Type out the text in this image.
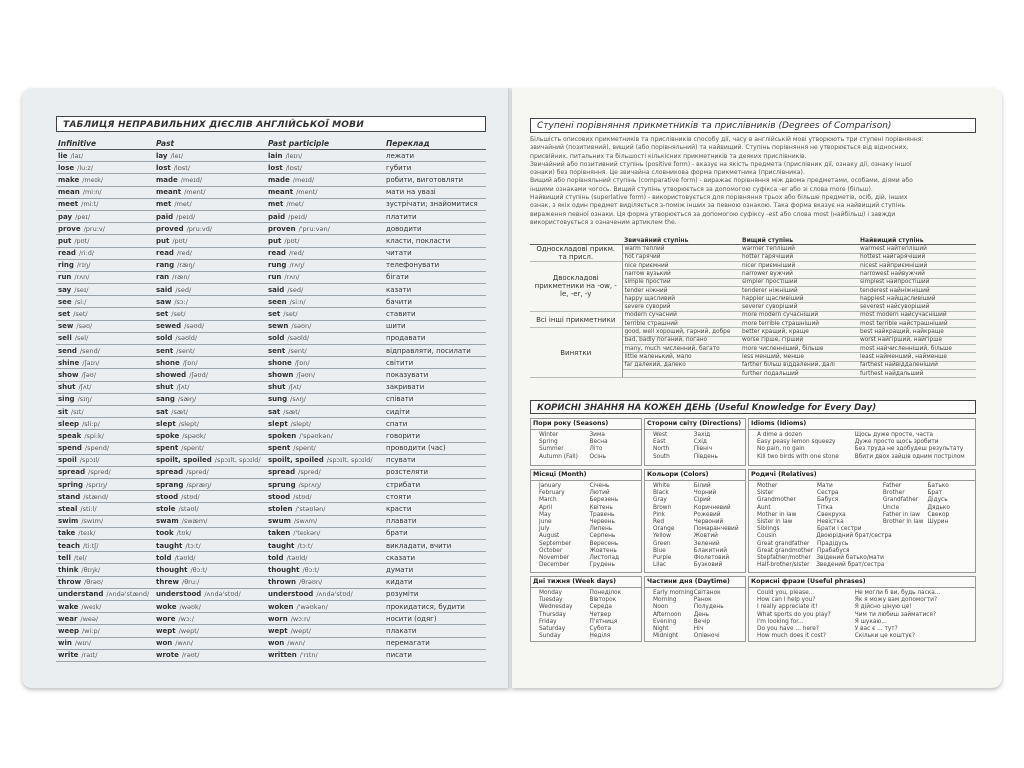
ТАБЛИЦЯ НЕПРАВИЛЬНИХ ДІЄСЛІВ АНГЛІЙСЬКОЇ МОВИ
Infinitive	Past	Past participle	Переклад
lie /laɪ/	lay /leɪ/	lain /leɪn/	лежати
lose /lu:z/	lost /lɒst/	lost /lɒst/	губити
make /meɪk/	made /meɪd/	made /meɪd/	робити, виготовляти
mean /mi:n/	meant /ment/	meant /ment/	мати на увазі
meet /mi:t/	met /met/	met /met/	зустрічати; знайомитися
pay /peɪ/	paid /peɪd/	paid /peɪd/	платити
prove /pru:v/	proved /pru:vd/	proven /'pru:vən/	доводити
put /pʊt/	put /pʊt/	put /pʊt/	класти, покласти
read /ri:d/	read /red/	read /red/	читати
ring /rɪŋ/	rang /ræŋ/	rung /rʌŋ/	телефонувати
run /rʌn/	ran /ræn/	run /rʌn/	бігати
say /seɪ/	said /sed/	said /sed/	казати
see /si:/	saw /sɔ:/	seen /si:n/	бачити
set /set/	set /set/	set /set/	ставити
sew /səʊ/	sewed /səʊd/	sewn /səʊn/	шити
sell /sel/	sold /səʊld/	sold /səʊld/	продавати
send /send/	sent /sent/	sent /sent/	відправляти, посилати
shine /ʃaɪn/	shone /ʃɒn/	shone /ʃɒn/	світити
show /ʃəʊ/	showed /ʃəʊd/	shown /ʃəʊn/	показувати
shut /ʃʌt/	shut /ʃʌt/	shut /ʃʌt/	закривати
sing /sɪŋ/	sang /sæŋ/	sung /sʌŋ/	співати
sit /sɪt/	sat /sæt/	sat /sæt/	сидіти
sleep /sli:p/	slept /slept/	slept /slept/	спати
speak /spi:k/	spoke /spəʊk/	spoken /'spəʊkən/	говорити
spend /spend/	spent /spent/	spent /spent/	проводити (час)
spoil /spɔɪl/	spoilt, spoiled /spɔɪlt, spɔɪld/	spoilt, spoiled /spɔɪlt, spɔɪld/	псувати
spread /spred/	spread /spred/	spread /spred/	розстеляти
spring /sprɪŋ/	sprang /spræŋ/	sprung /sprʌŋ/	стрибати
stand /stænd/	stood /stʊd/	stood /stʊd/	стояти
steal /sti:l/	stole /stəʊl/	stolen /'stəʊlən/	красти
swim /swɪm/	swam /swæm/	swum /swʌm/	плавати
take /teɪk/	took /tʊk/	taken /'teɪkən/	брати
teach /ti:tʃ/	taught /tɔ:t/	taught /tɔ:t/	викладати, вчити
tell /tel/	told /təʊld/	told /təʊld/	сказати
think /θɪŋk/	thought /θɔ:t/	thought /θɔ:t/	думати
throw /θrəʊ/	threw /θru:/	thrown /θrəʊn/	кидати
understand /ʌndə'stænd/	understood /ʌndə'stʊd/	understood /ʌndə'stʊd/	розуміти
wake /weɪk/	woke /wəʊk/	woken /'wəʊkən/	прокидатися, будити
wear /weə/	wore /wɔ:/	worn /wɔ:n/	носити (одяг)
weep /wi:p/	wept /wept/	wept /wept/	плакати
win /wɪn/	won /wʌn/	won /wʌn/	перемагати
write /raɪt/	wrote /rəʊt/	written /'rɪtn/	писати
Ступені порівняння прикметників та прислівників (Degrees of Comparison)
Більшість описових прикметників та прислівників способу дії, часу в англійській мові утворюють три ступені порівняння:
звичайний (позитивний), вищий (або порівняльний) та найвищий. Ступінь порівняння не утворюється від відносних,
присвійних, питальних та більшості кількісних прикметників та деяких прислівників.
Звичайний або позитивний ступінь (positive form) - вказує на якість предмета (прислівник дії, ознаку дії, ознаку іншої
ознаки) без порівняння. Це звичайна словникова форма прикметника (прислівника).
Вищий або порівняльний ступінь (comparative form) - виражає порівняння між двома предметами, особами, діями або
іншими ознаками чогось. Вищий ступінь утворюється за допомогою суфікса -er або зі слова more (більш).
Найвищий ступінь (superlative form) - використовується для порівняння трьох або більше предметів, осіб, дій, інших
ознак, з якіх один предмет виділяється з-поміж інших за певною ознакою. Така форма вказує на найвищий ступінь
вираження певної ознаки. Ця форма утворюється за допомогою суфіксу -est або слова most (найбільш) і завжди
використовується з означеним артиклем the.
	Звичайний ступінь	Вищий ступінь	Найвищий ступінь
Односкладові прикм. та присл.	warm теплий	warmer тепліший	warmest найтепліший
	hot гарячий	hotter гарячіший	hottest найгарячіший
Двоскладові прикметники на -ow, -le, -er, -y	nice приємний	nicer приємніший	nicest найприємніший
	narrow вузький	narrower вужчий	narrowest найвужчий
	simple простий	simpler простіший	simplest найпростіший
	tender ніжний	tenderer ніжніший	tenderest найніжніший
	happy щасливий	happier щасливіший	happiest найщасливіший
	severe суворий	severer суворіший	severest найсуворіший
Всі інші прикметники	modern сучасний	more modern сучасніший	most modern найсучасніший
	terrible страшний	more terrible страшніший	most terrible найстрашніший
Винятки	good, well хороший, гарний, добре	better кращий, краще	best найкращий, найкраще
	bad, badly поганий, погано	worse гірше, гірший	worst найгірший, найгірше
	many, much численний, багато	more численніший, більше	most найчисленніший, більше
	little маленький, мало	less менший, менше	least найменший, найменше
	far далекий, далеко	farther більш віддалений, далі	farthest найвіддаленіший
		further подальший	furthest найдальший
КОРИСНІ ЗНАННЯ НА КОЖЕН ДЕНЬ (Useful Knowledge for Every Day)
Пори року (Seasons)
Winter	Зима
Spring	Весна
Summer	Літо
Autumn (Fall)	Осінь
Сторони світу (Directions)
West	Захід
East	Схід
North	Північ
South	Південь
Idioms (Idioms)
A dime a dozen	Щось дуже просте, часта
Easy peasy lemon squeezy	Дуже просто щось зробити
No pain, no gain	Без труда не здобудеш результату
Kill two birds with one stone	Вбити двох зайців одним пострілом
Місяці (Month)
January	Січень
February	Лютий
March	Березень
April	Квітень
May	Травень
June	Червень
July	Липень
August	Серпень
September	Вересень
October	Жовтень
November	Листопад
December	Грудень
Кольори (Colors)
White	Білий
Black	Чорний
Gray	Сірий
Brown	Коричневий
Pink	Рожевий
Red	Червоний
Orange	Помаранчевий
Yellow	Жовтий
Green	Зелений
Blue	Блакитний
Purple	Фіолетовий
Lilac	Бузковий
Родичі (Relatives)
Mother	Мати	Father	Батько
Sister	Сестра	Brother	Брат
Grandmother	Бабуся	Grandfather	Дідусь
Aunt	Тітка	Uncle	Дядько
Mother in law	Свекруха	Father in law	Свекор
Sister in law	Невістка	Brother in law Шурин
Siblings	Брати і сестри
Cousin	Двоюрідний брат/сестра
Great grandfather	Прадідусь
Great grandmother Прабабуся
Stepfather/mother Звідений батько/мати
Half-brother/sister	Зведений брат/сестра
Дні тижня (Week days)
Monday	Понеділок
Tuesday	Вівторок
Wednesday	Середа
Thursday	Четвер
Friday	П'ятниця
Saturday	Субота
Sunday	Неділя
Частини дня (Daytime)
Early morning Світанок
Morning	Ранок
Noon	Полудень
Afternoon	День
Evening	Вечір
Night	Ніч
Midnight	Опівночі
Корисні фрази (Useful phrases)
Could you, please...	Не могли б ви, будь ласка...
How can I help you?	Як я можу вам допомогти?
I really appreciate it!	Я дійсно ціную це!
What sports do you play?	Чим ти любиш займатися?
I'm looking for...	Я шукаю...
Do you have ... here?	У вас є ... тут?
How much does it cost?	Скільки це коштує?
